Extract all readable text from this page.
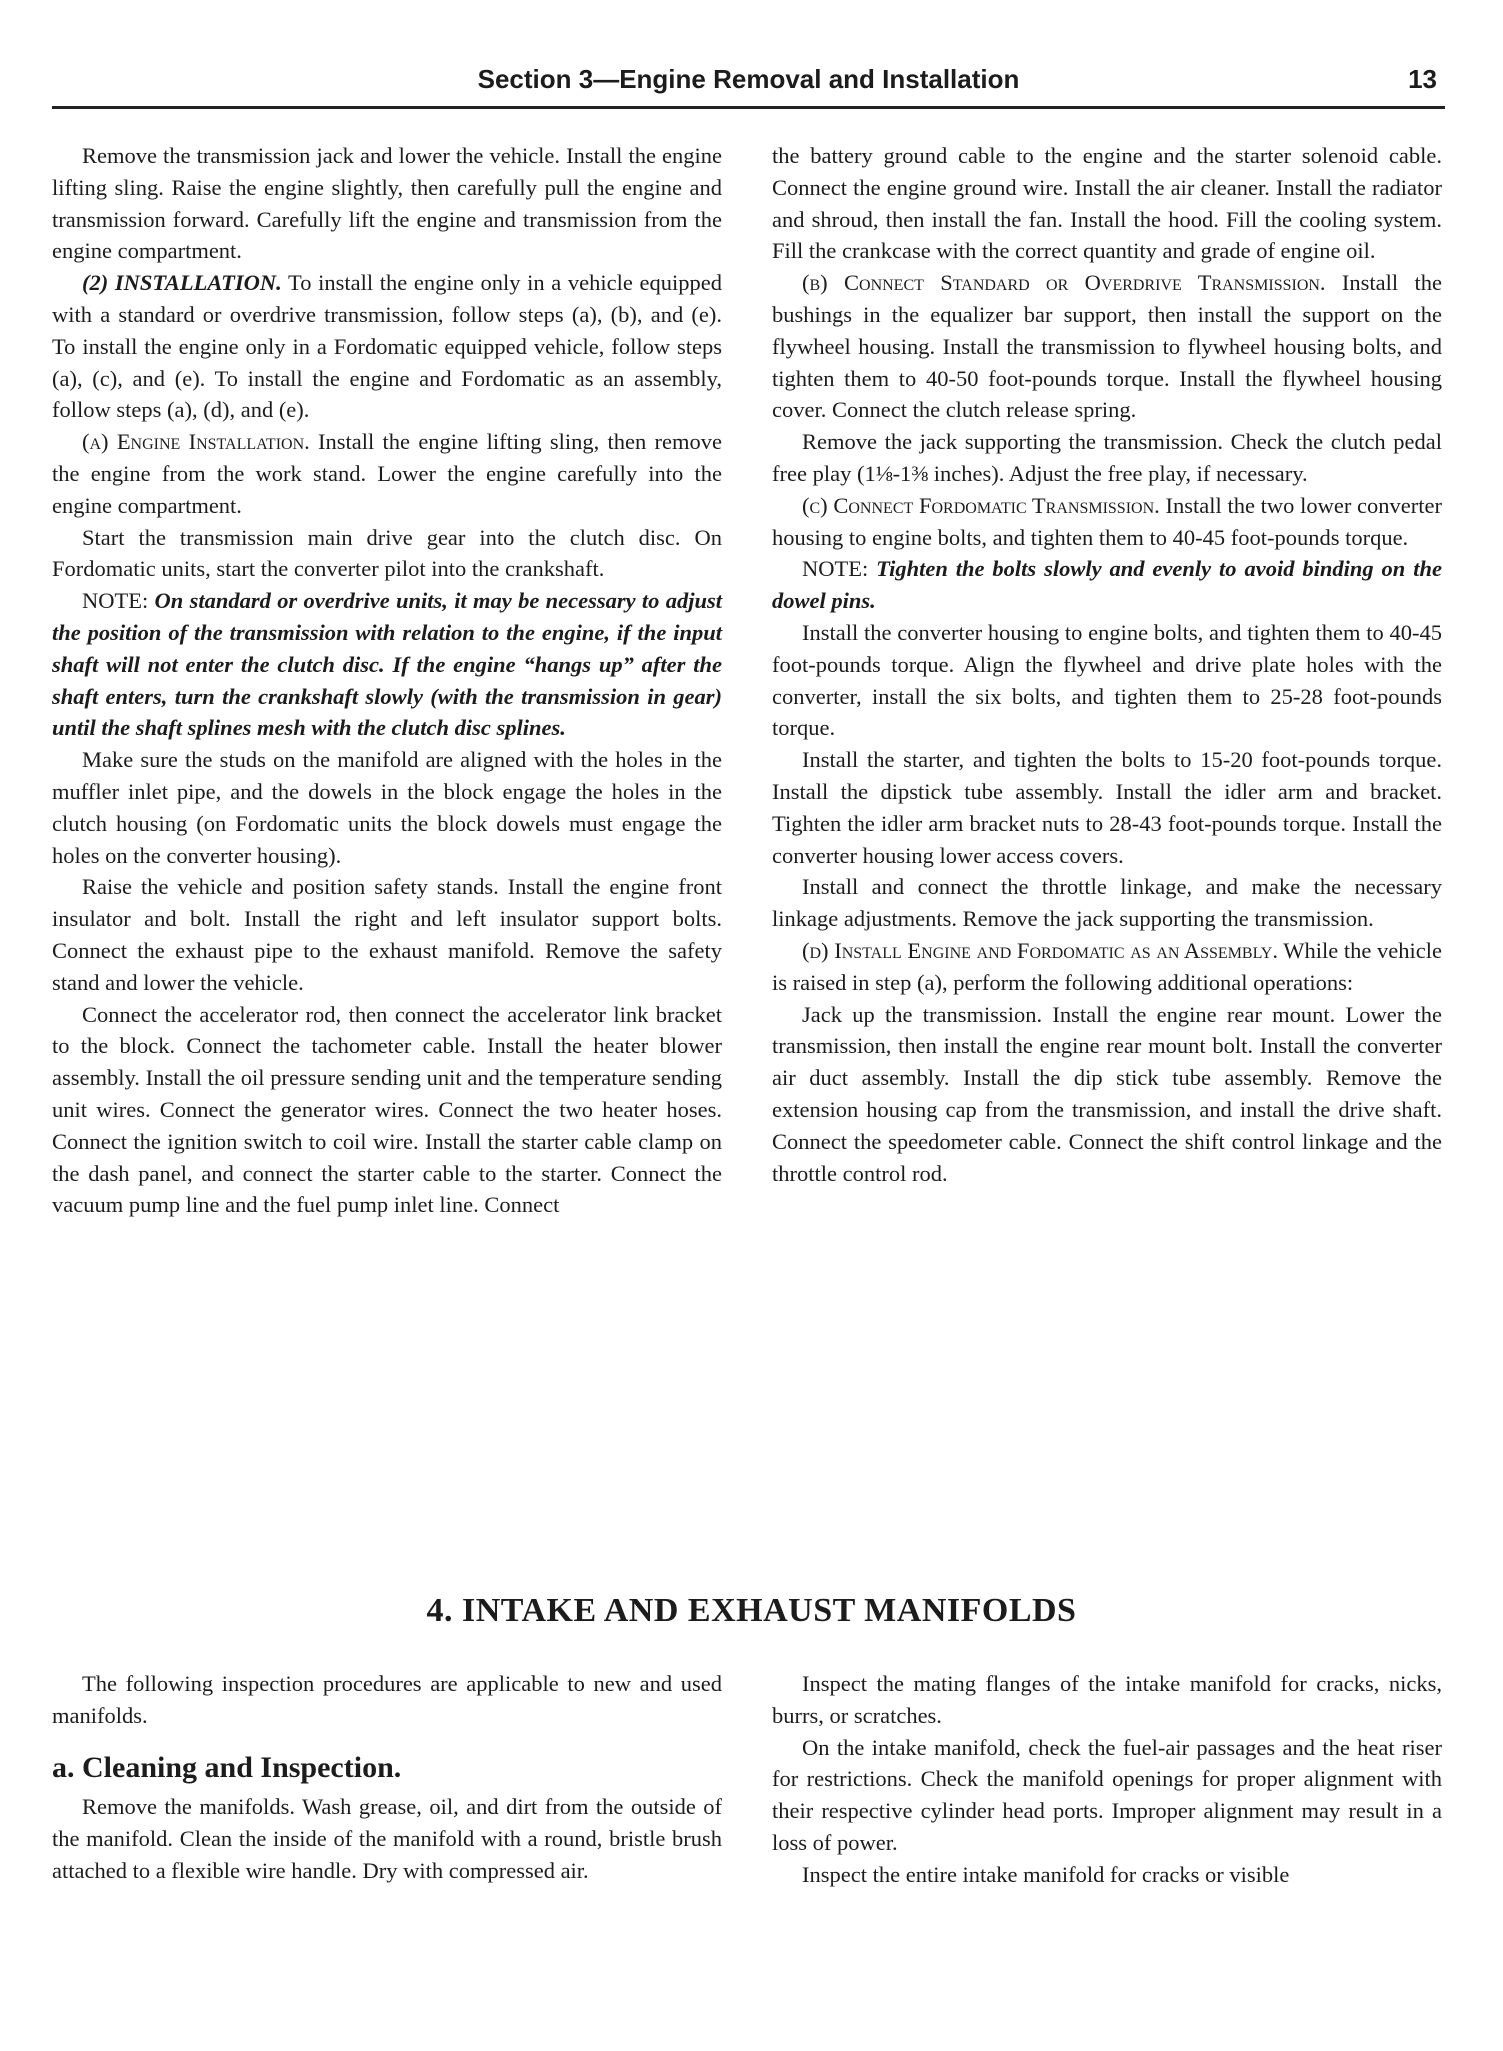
Section 3—Engine Removal and Installation	13

Remove the transmission jack and lower the vehicle. Install the engine lifting sling. Raise the engine slightly, then carefully pull the engine and transmission forward. Carefully lift the engine and transmission from the engine compartment.

(2) INSTALLATION. To install the engine only in a vehicle equipped with a standard or overdrive transmission, follow steps (a), (b), and (e). To install the engine only in a Fordomatic equipped vehicle, follow steps (a), (c), and (e). To install the engine and Fordomatic as an assembly, follow steps (a), (d), and (e).

(a) Engine Installation. Install the engine lifting sling, then remove the engine from the work stand. Lower the engine carefully into the engine compartment.

Start the transmission main drive gear into the clutch disc. On Fordomatic units, start the converter pilot into the crankshaft.

NOTE: On standard or overdrive units, it may be necessary to adjust the position of the transmission with relation to the engine, if the input shaft will not enter the clutch disc. If the engine “hangs up” after the shaft enters, turn the crankshaft slowly (with the transmission in gear) until the shaft splines mesh with the clutch disc splines.

Make sure the studs on the manifold are aligned with the holes in the muffler inlet pipe, and the dowels in the block engage the holes in the clutch housing (on Fordomatic units the block dowels must engage the holes on the converter housing).

Raise the vehicle and position safety stands. Install the engine front insulator and bolt. Install the right and left insulator support bolts. Connect the exhaust pipe to the exhaust manifold. Remove the safety stand and lower the vehicle.

Connect the accelerator rod, then connect the accelerator link bracket to the block. Connect the tachometer cable. Install the heater blower assembly. Install the oil pressure sending unit and the temperature sending unit wires. Connect the generator wires. Connect the two heater hoses. Connect the ignition switch to coil wire. Install the starter cable clamp on the dash panel, and connect the starter cable to the starter. Connect the vacuum pump line and the fuel pump inlet line. Connect

the battery ground cable to the engine and the starter solenoid cable. Connect the engine ground wire. Install the air cleaner. Install the radiator and shroud, then install the fan. Install the hood. Fill the cooling system. Fill the crankcase with the correct quantity and grade of engine oil.

(b) Connect Standard or Overdrive Transmission. Install the bushings in the equalizer bar support, then install the support on the flywheel housing. Install the transmission to flywheel housing bolts, and tighten them to 40-50 foot-pounds torque. Install the flywheel housing cover. Connect the clutch release spring.

Remove the jack supporting the transmission. Check the clutch pedal free play (1⅛-1⅜ inches). Adjust the free play, if necessary.

(c) Connect Fordomatic Transmission. Install the two lower converter housing to engine bolts, and tighten them to 40-45 foot-pounds torque.

NOTE: Tighten the bolts slowly and evenly to avoid binding on the dowel pins.

Install the converter housing to engine bolts, and tighten them to 40-45 foot-pounds torque. Align the flywheel and drive plate holes with the converter, install the six bolts, and tighten them to 25-28 foot-pounds torque.

Install the starter, and tighten the bolts to 15-20 foot-pounds torque. Install the dipstick tube assembly. Install the idler arm and bracket. Tighten the idler arm bracket nuts to 28-43 foot-pounds torque. Install the converter housing lower access covers.

Install and connect the throttle linkage, and make the necessary linkage adjustments. Remove the jack supporting the transmission.

(d) Install Engine and Fordomatic as an Assembly. While the vehicle is raised in step (a), perform the following additional operations:

Jack up the transmission. Install the engine rear mount. Lower the transmission, then install the engine rear mount bolt. Install the converter air duct assembly. Install the dip stick tube assembly. Remove the extension housing cap from the transmission, and install the drive shaft. Connect the speedometer cable. Connect the shift control linkage and the throttle control rod.

4. INTAKE AND EXHAUST MANIFOLDS

The following inspection procedures are applicable to new and used manifolds.

a. Cleaning and Inspection.

Remove the manifolds. Wash grease, oil, and dirt from the outside of the manifold. Clean the inside of the manifold with a round, bristle brush attached to a flexible wire handle. Dry with compressed air.

Inspect the mating flanges of the intake manifold for cracks, nicks, burrs, or scratches.

On the intake manifold, check the fuel-air passages and the heat riser for restrictions. Check the manifold openings for proper alignment with their respective cylinder head ports. Improper alignment may result in a loss of power.

Inspect the entire intake manifold for cracks or visible
